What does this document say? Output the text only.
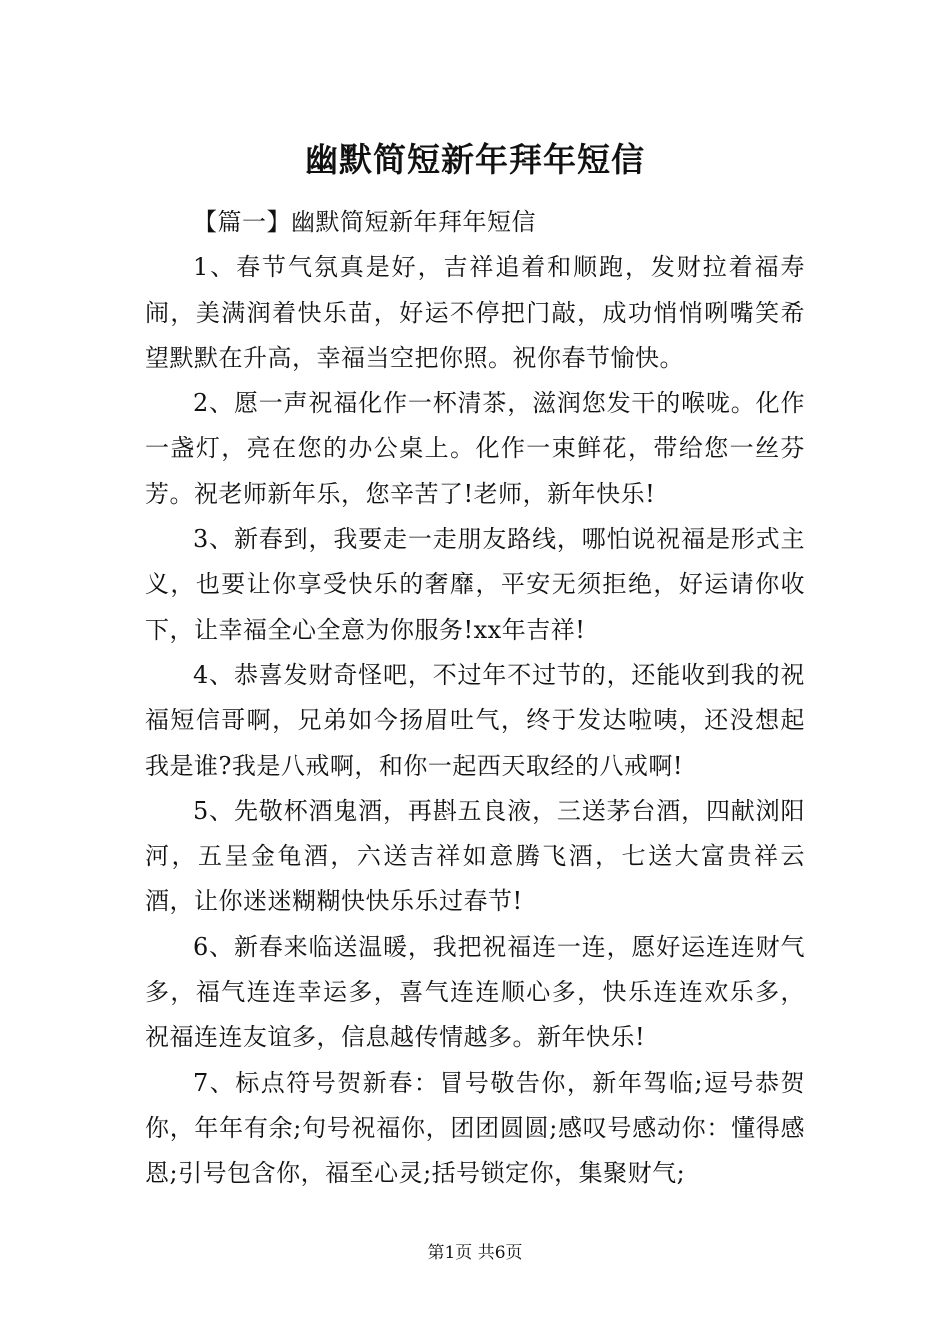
幽默简短新年拜年短信

【篇一】幽默简短新年拜年短信

1、春节气氛真是好，吉祥追着和顺跑，发财拉着福寿闹，美满润着快乐苗，好运不停把门敲，成功悄悄咧嘴笑希望默默在升高，幸福当空把你照。祝你春节愉快。

2、愿一声祝福化作一杯清茶，滋润您发干的喉咙。化作一盏灯，亮在您的办公桌上。化作一束鲜花，带给您一丝芬芳。祝老师新年乐，您辛苦了!老师，新年快乐!

3、新春到，我要走一走朋友路线，哪怕说祝福是形式主义，也要让你享受快乐的奢靡，平安无须拒绝，好运请你收下，让幸福全心全意为你服务!xx年吉祥!

4、恭喜发财奇怪吧，不过年不过节的，还能收到我的祝福短信哥啊，兄弟如今扬眉吐气，终于发达啦咦，还没想起我是谁?我是八戒啊，和你一起西天取经的八戒啊!

5、先敬杯酒鬼酒，再斟五良液，三送茅台酒，四献浏阳河，五呈金龟酒，六送吉祥如意腾飞酒，七送大富贵祥云酒，让你迷迷糊糊快快乐乐过春节!

6、新春来临送温暖，我把祝福连一连，愿好运连连财气多，福气连连幸运多，喜气连连顺心多，快乐连连欢乐多，祝福连连友谊多，信息越传情越多。新年快乐!

7、标点符号贺新春：冒号敬告你，新年驾临;逗号恭贺你，年年有余;句号祝福你，团团圆圆;感叹号感动你：懂得感恩;引号包含你，福至心灵;括号锁定你，集聚财气;

第1页 共6页
